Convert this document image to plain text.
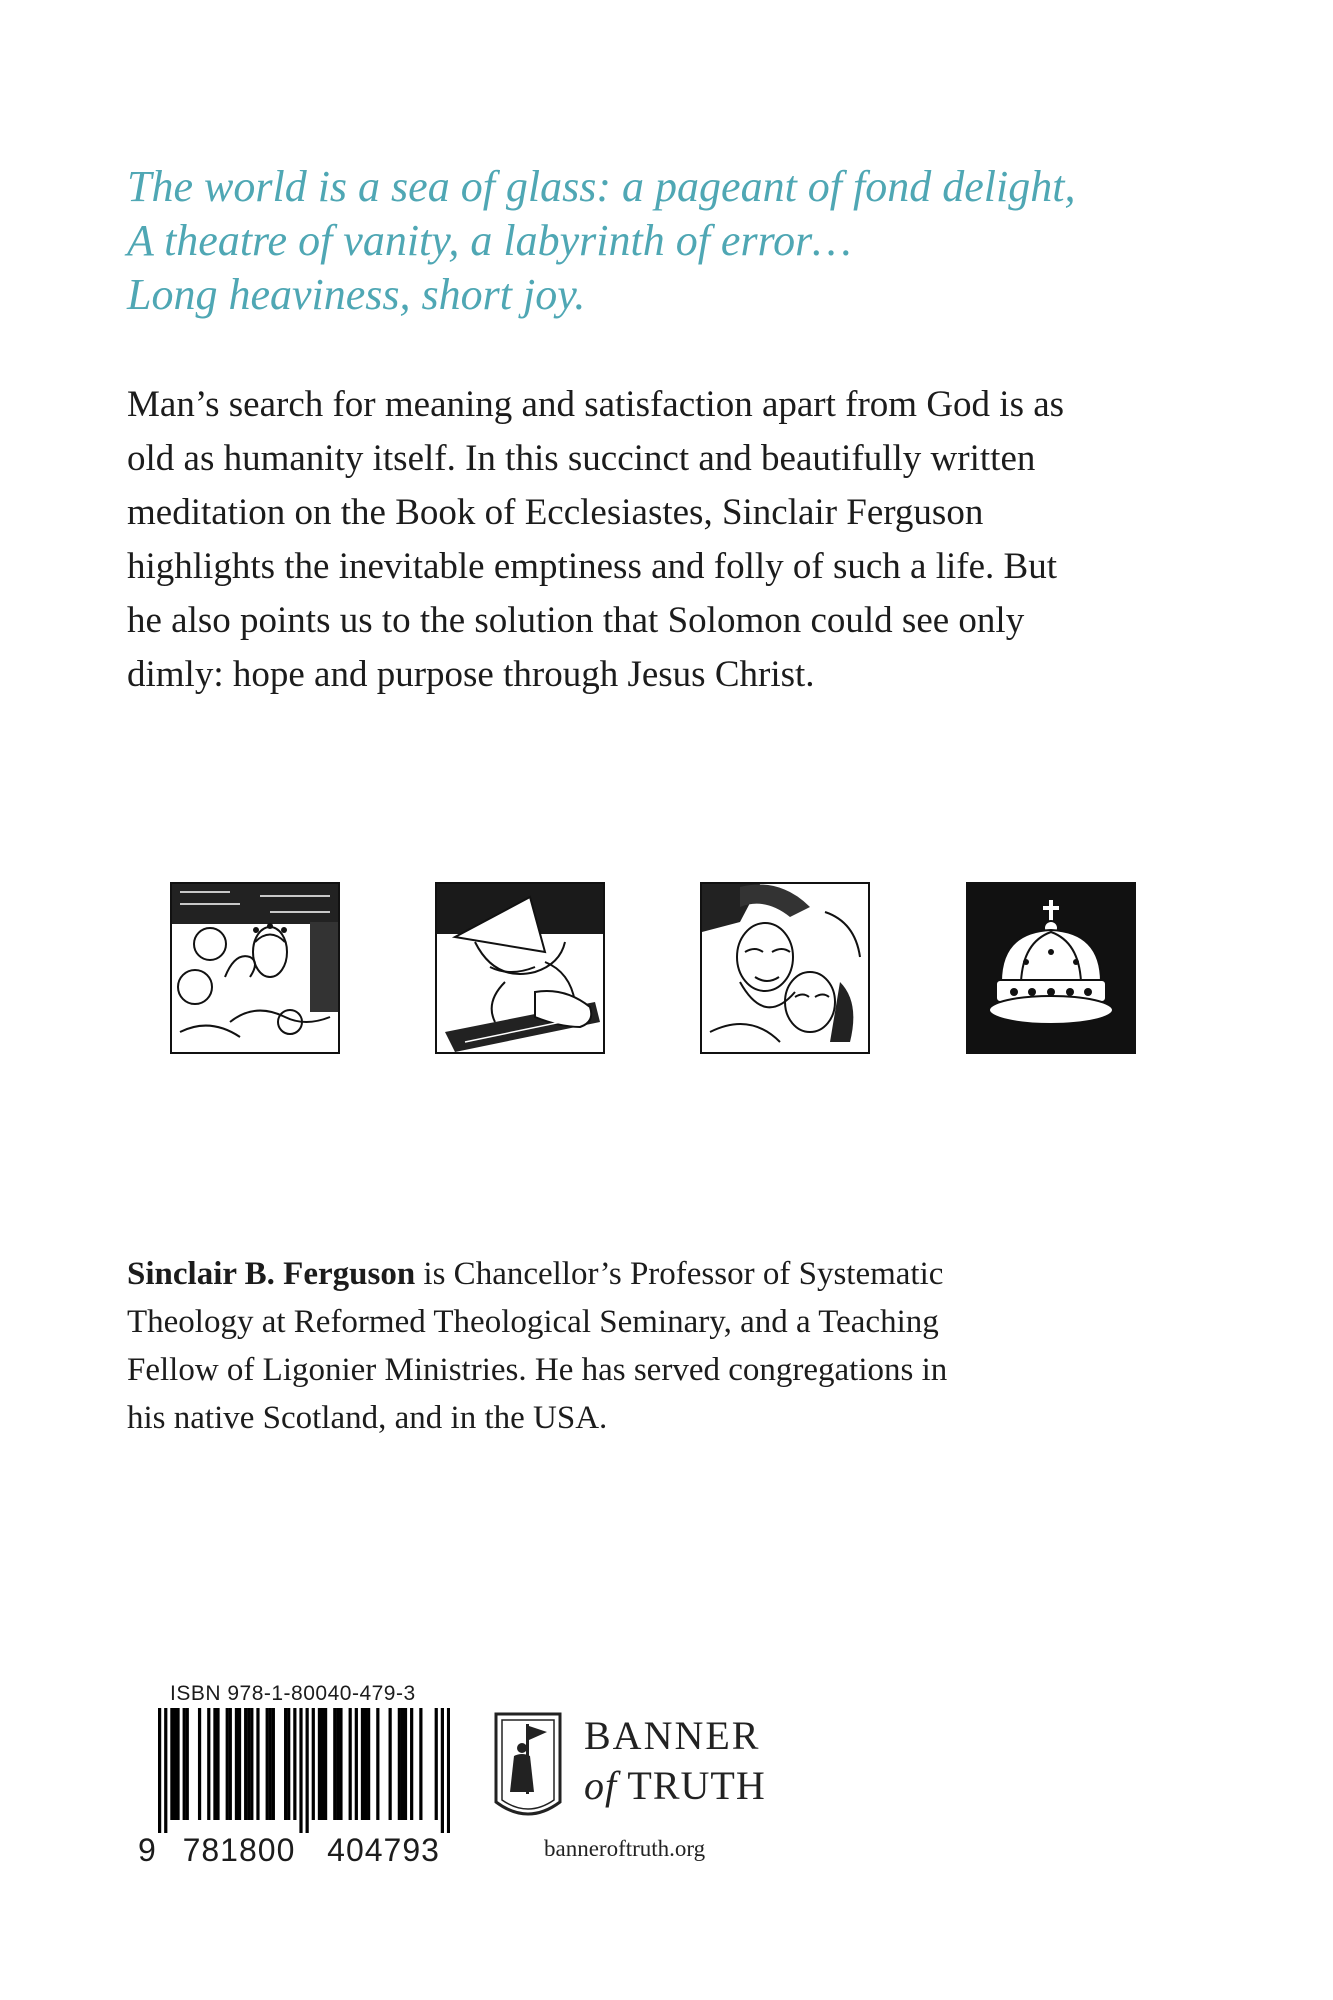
The world is a sea of glass: a pageant of fond delight,
A theatre of vanity, a labyrinth of error…
Long heaviness, short joy.
Man’s search for meaning and satisfaction apart from God is as
old as humanity itself. In this succinct and beautifully written
meditation on the Book of Ecclesiastes, Sinclair Ferguson
highlights the inevitable emptiness and folly of such a life. But
he also points us to the solution that Solomon could see only
dimly: hope and purpose through Jesus Christ.
Sinclair B. Ferguson is Chancellor’s Professor of Systematic
Theology at Reformed Theological Seminary, and a Teaching
Fellow of Ligonier Ministries. He has served congregations in
his native Scotland, and in the USA.
ISBN 978-1-80040-479-3
9 781800 404793
BANNER
of TRUTH
banneroftruth.org
